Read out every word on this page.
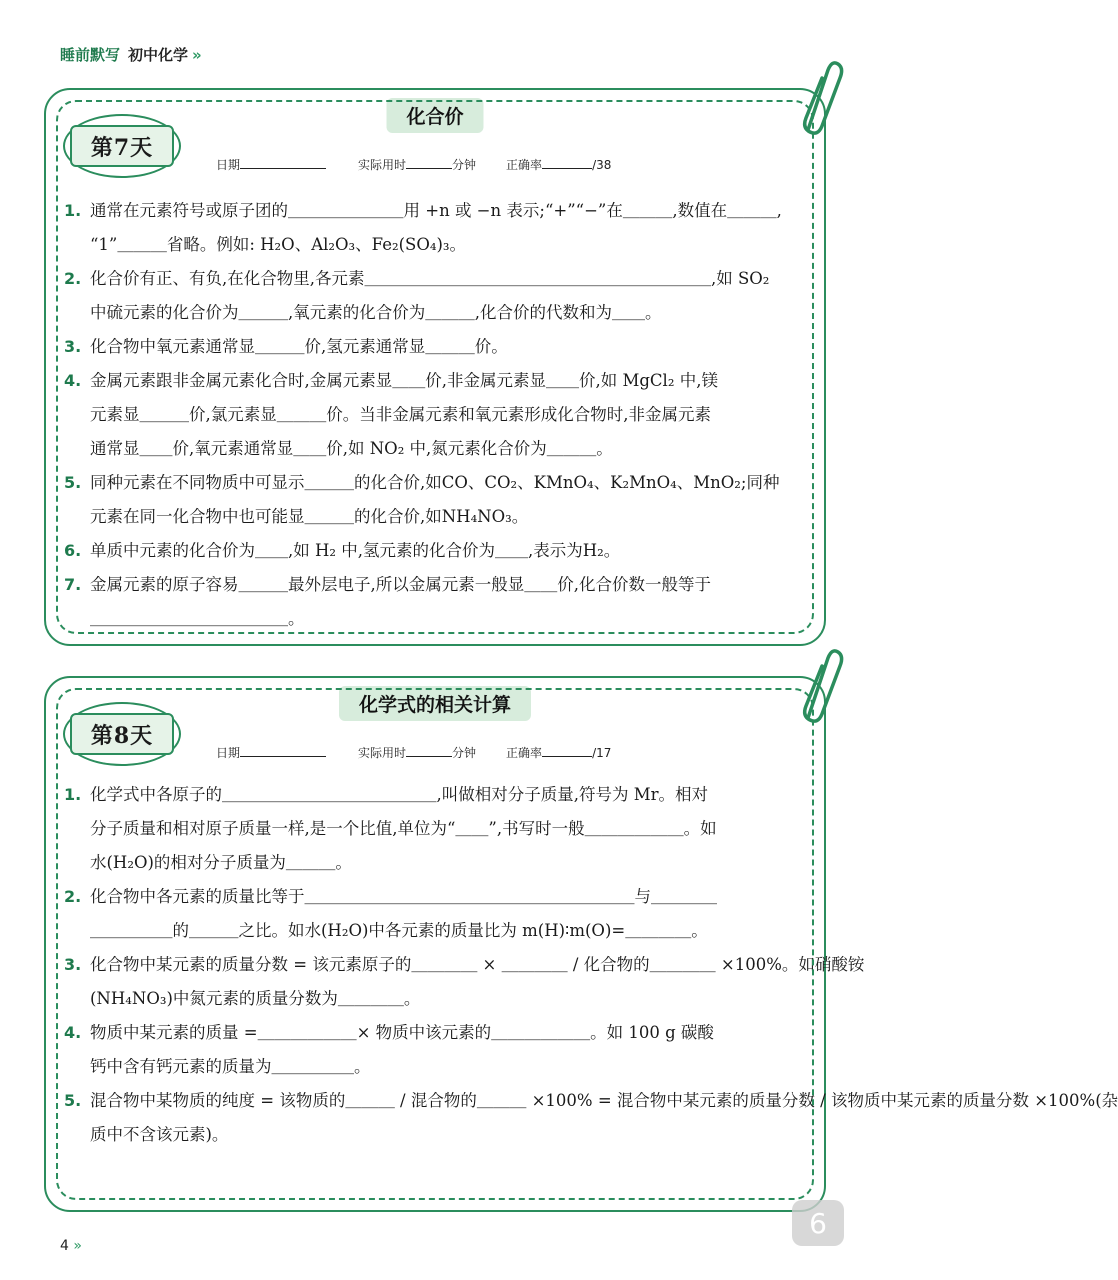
睡前默写 初中化学 »
化合价
第7天
日期	实际用时	分钟	正确率	/38
1. 通常在元素符号或原子团的＿＿＿＿＿＿＿用 +n 或 −n 表示;“+”“−”在＿＿＿,数值在＿＿＿,
“1”＿＿＿省略。例如: H₂O、Al₂O₃、Fe₂(SO₄)₃。
2. 化合价有正、有负,在化合物里,各元素＿＿＿＿＿＿＿＿＿＿＿＿＿＿＿＿＿＿＿＿＿,如 SO₂
中硫元素的化合价为＿＿＿,氧元素的化合价为＿＿＿,化合价的代数和为＿＿。
3. 化合物中氧元素通常显＿＿＿价,氢元素通常显＿＿＿价。
4. 金属元素跟非金属元素化合时,金属元素显＿＿价,非金属元素显＿＿价,如 MgCl₂ 中,镁
元素显＿＿＿价,氯元素显＿＿＿价。当非金属元素和氧元素形成化合物时,非金属元素
通常显＿＿价,氧元素通常显＿＿价,如 NO₂ 中,氮元素化合价为＿＿＿。
5. 同种元素在不同物质中可显示＿＿＿的化合价,如CO、CO₂、KMnO₄、K₂MnO₄、MnO₂;同种
元素在同一化合物中也可能显＿＿＿的化合价,如NH₄NO₃。
6. 单质中元素的化合价为＿＿,如 H₂ 中,氢元素的化合价为＿＿,表示为H₂。
7. 金属元素的原子容易＿＿＿最外层电子,所以金属元素一般显＿＿价,化合价数一般等于
＿＿＿＿＿＿＿＿＿＿＿＿。
化学式的相关计算
第8天
日期	实际用时	分钟	正确率	/17
1. 化学式中各原子的＿＿＿＿＿＿＿＿＿＿＿＿＿,叫做相对分子质量,符号为 Mr。相对
分子质量和相对原子质量一样,是一个比值,单位为“＿＿”,书写时一般＿＿＿＿＿＿。如
水(H₂O)的相对分子质量为＿＿＿。
2. 化合物中各元素的质量比等于＿＿＿＿＿＿＿＿＿＿＿＿＿＿＿＿＿＿＿＿与＿＿＿＿
＿＿＿＿＿的＿＿＿之比。如水(H₂O)中各元素的质量比为 m(H)∶m(O)=＿＿＿＿。
3. 化合物中某元素的质量分数 = 该元素原子的＿＿＿＿ × ＿＿＿＿ / 化合物的＿＿＿＿ ×100%。如硝酸铵
(NH₄NO₃)中氮元素的质量分数为＿＿＿＿。
4. 物质中某元素的质量 =＿＿＿＿＿＿× 物质中该元素的＿＿＿＿＿＿。如 100 g 碳酸
钙中含有钙元素的质量为＿＿＿＿＿。
5. 混合物中某物质的纯度 = 该物质的＿＿＿ / 混合物的＿＿＿ ×100% = 混合物中某元素的质量分数 / 该物质中某元素的质量分数 ×100%(杂
质中不含该元素)。
4 »
6
